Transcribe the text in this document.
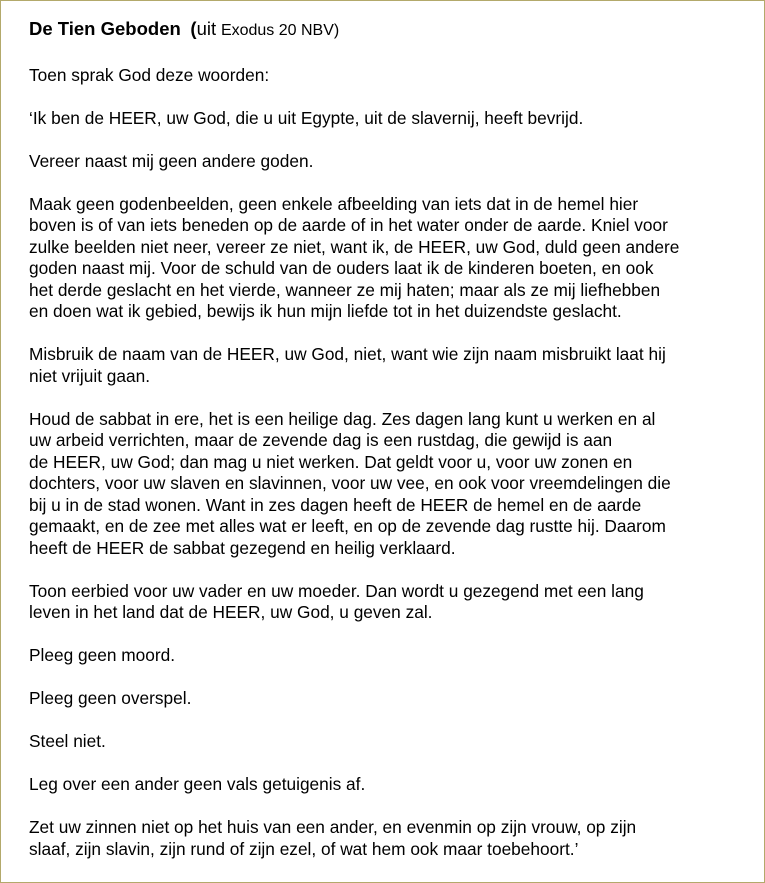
De Tien Geboden (uit Exodus 20 NBV)

Toen sprak God deze woorden:

‘Ik ben de HEER, uw God, die u uit Egypte, uit de slavernij, heeft bevrijd.

Vereer naast mij geen andere goden.

Maak geen godenbeelden, geen enkele afbeelding van iets dat in de hemel hier
boven is of van iets beneden op de aarde of in het water onder de aarde. Kniel voor
zulke beelden niet neer, vereer ze niet, want ik, de HEER, uw God, duld geen andere
goden naast mij. Voor de schuld van de ouders laat ik de kinderen boeten, en ook
het derde geslacht en het vierde, wanneer ze mij haten; maar als ze mij liefhebben
en doen wat ik gebied, bewijs ik hun mijn liefde tot in het duizendste geslacht.

Misbruik de naam van de HEER, uw God, niet, want wie zijn naam misbruikt laat hij
niet vrijuit gaan.

Houd de sabbat in ere, het is een heilige dag. Zes dagen lang kunt u werken en al
uw arbeid verrichten, maar de zevende dag is een rustdag, die gewijd is aan
de HEER, uw God; dan mag u niet werken. Dat geldt voor u, voor uw zonen en
dochters, voor uw slaven en slavinnen, voor uw vee, en ook voor vreemdelingen die
bij u in de stad wonen. Want in zes dagen heeft de HEER de hemel en de aarde
gemaakt, en de zee met alles wat er leeft, en op de zevende dag rustte hij. Daarom
heeft de HEER de sabbat gezegend en heilig verklaard.

Toon eerbied voor uw vader en uw moeder. Dan wordt u gezegend met een lang
leven in het land dat de HEER, uw God, u geven zal.

Pleeg geen moord.

Pleeg geen overspel.

Steel niet.

Leg over een ander geen vals getuigenis af.

Zet uw zinnen niet op het huis van een ander, en evenmin op zijn vrouw, op zijn
slaaf, zijn slavin, zijn rund of zijn ezel, of wat hem ook maar toebehoort.’
